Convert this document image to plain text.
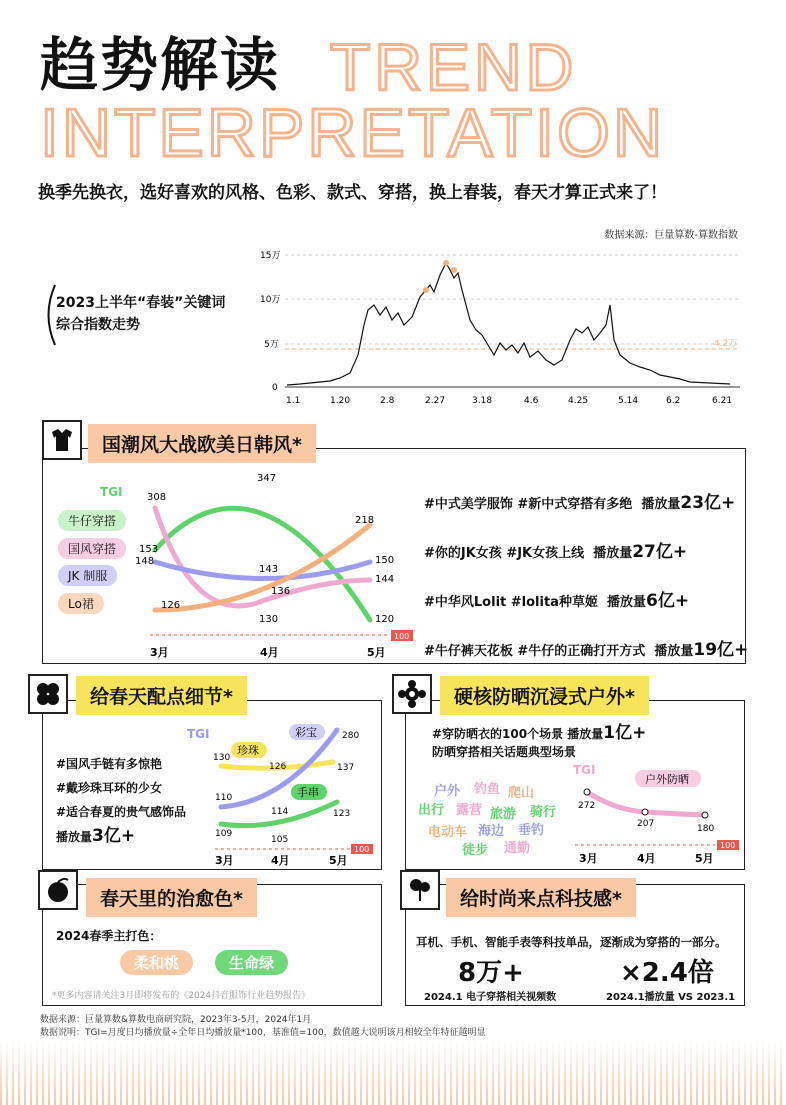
趋势解读 TREND
INTERPRETATION
换季先换衣，选好喜欢的风格、色彩、款式、穿搭，换上春装，春天才算正式来了！
数据来源：巨量算数-算数指数
2023上半年“春装”关键词
综合指数走势
15万
10万
5万
0
4.2万
1.1	1.20	2.8	2.27	3.18	4.6	4.25	5.14	6.2	6.21
国潮风大战欧美日韩风*
TGI
牛仔穿搭
国风穿搭
JK 制服
Lo裙
308
347
218
153
148
143
150
136
144
126
130	120
100
3月	4月	5月
#中式美学服饰 #新中式穿搭有多绝 播放量23亿+
#你的JK女孩 #JK女孩上线 播放量27亿+
#中华风Lolit #lolita种草姬 播放量6亿+
#牛仔裤天花板 #牛仔的正确打开方式 播放量19亿+
给春天配点细节*
#国风手链有多惊艳
#戴珍珠耳环的少女
#适合春夏的贵气感饰品
播放量3亿+
TGI
珍珠
彩宝
手串
130
126	137
110
114
280
109
105
123
100
3月	4月	5月
硬核防晒沉浸式户外*
#穿防晒衣的100个场景 播放量1亿+
防晒穿搭相关话题典型场景
户外 钓鱼 爬山
出行 露营 旅游 骑行
电动车 海边 垂钓
徒步 通勤
TGI
户外防晒
272
207	180
100
3月	4月	5月
春天里的治愈色*
2024春季主打色：
柔和桃	生命绿
*更多内容请关注3月即将发布的《2024抖音服饰行业趋势报告》
给时尚来点科技感*
耳机、手机、智能手表等科技单品，逐渐成为穿搭的一部分。
8万+	×2.4倍
2024.1 电子穿搭相关视频数	2024.1播放量 VS 2023.1
数据来源：巨量算数&算数电商研究院，2023年3-5月，2024年1月
数据说明：TGI=月度日均播放量÷全年日均播放量*100，基准值=100，数值越大说明该月相较全年特征越明显
